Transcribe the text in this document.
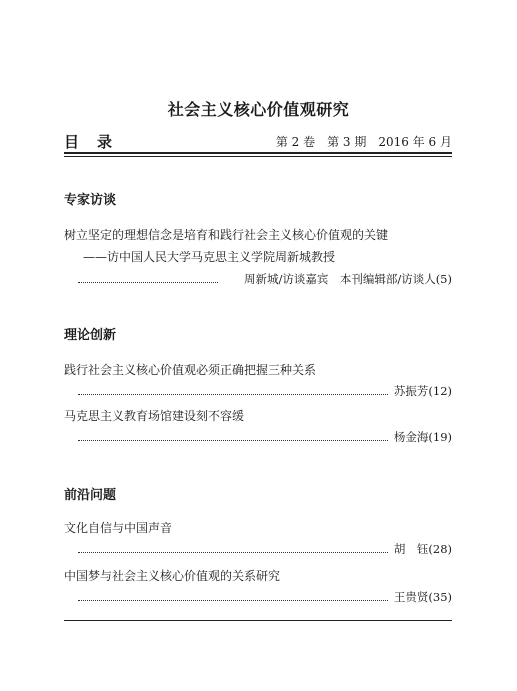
社会主义核心价值观研究
目录	第 2 卷　第 3 期　2016 年 6 月
专家访谈
树立坚定的理想信念是培育和践行社会主义核心价值观的关键
——访中国人民大学马克思主义学院周新城教授
周新城/访谈嘉宾　本刊编辑部/访谈人(5)
理论创新
践行社会主义核心价值观必须正确把握三种关系
苏振芳(12)
马克思主义教育场馆建设刻不容缓
杨金海(19)
前沿问题
文化自信与中国声音
胡　钰(28)
中国梦与社会主义核心价值观的关系研究
王贵贤(35)
